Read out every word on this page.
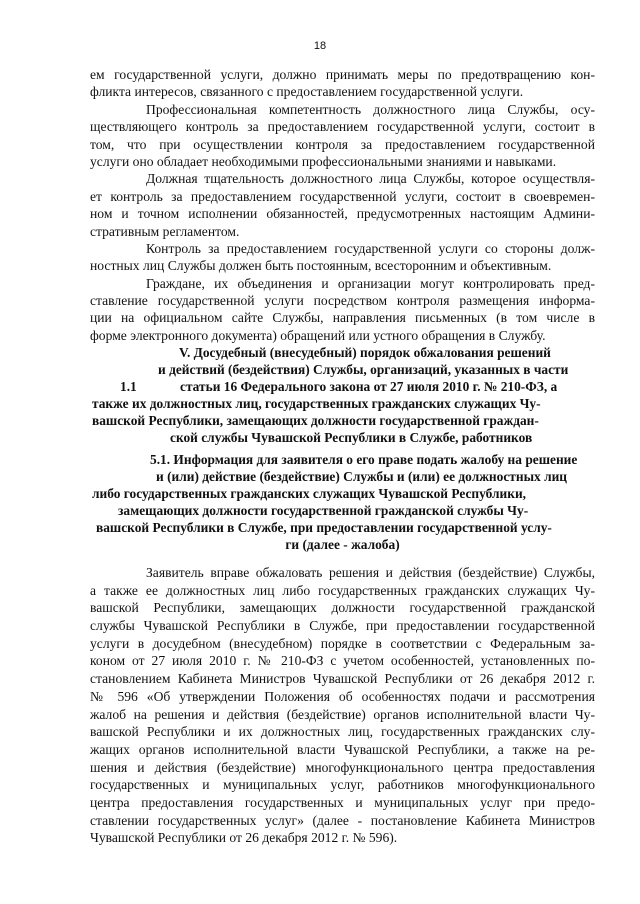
18
ем государственной услуги, должно принимать меры по предотвращению кон-
фликта интересов, связанного с предоставлением государственной услуги.
Профессиональная компетентность должностного лица Службы, осу-
ществляющего контроль за предоставлением государственной услуги, состоит в
том, что при осуществлении контроля за предоставлением государственной
услуги оно обладает необходимыми профессиональными знаниями и навыками.
Должная тщательность должностного лица Службы, которое осуществля-
ет контроль за предоставлением государственной услуги, состоит в своевремен-
ном и точном исполнении обязанностей, предусмотренных настоящим Админи-
стративным регламентом.
Контроль за предоставлением государственной услуги со стороны долж-
ностных лиц Службы должен быть постоянным, всесторонним и объективным.
Граждане, их объединения и организации могут контролировать пред-
ставление государственной услуги посредством контроля размещения информа-
ции на официальном сайте Службы, направления письменных (в том числе в
форме электронного документа) обращений или устного обращения в Службу.
V. Досудебный (внесудебный) порядок обжалования решений
и действий (бездействия) Службы, организаций, указанных в части
1.1	статьи 16 Федерального закона от 27 июля 2010 г. № 210-ФЗ, а
также их должностных лиц, государственных гражданских служащих Чу-
вашской Республики, замещающих должности государственной граждан-
ской службы Чувашской Республики в Службе, работников
5.1. Информация для заявителя о его праве подать жалобу на решение
и (или) действие (бездействие) Службы и (или) ее должностных лиц
либо государственных гражданских служащих Чувашской Республики,
замещающих должности государственной гражданской службы Чу-
вашской Республики в Службе, при предоставлении государственной услу-
ги (далее - жалоба)
Заявитель вправе обжаловать решения и действия (бездействие) Службы,
а также ее должностных лиц либо государственных гражданских служащих Чу-
вашской Республики, замещающих должности государственной гражданской
службы Чувашской Республики в Службе, при предоставлении государственной
услуги в досудебном (внесудебном) порядке в соответствии с Федеральным за-
коном от 27 июля 2010 г. № 210-ФЗ с учетом особенностей, установленных по-
становлением Кабинета Министров Чувашской Республики от 26 декабря 2012 г.
№ 596 «Об утверждении Положения об особенностях подачи и рассмотрения
жалоб на решения и действия (бездействие) органов исполнительной власти Чу-
вашской Республики и их должностных лиц, государственных гражданских слу-
жащих органов исполнительной власти Чувашской Республики, а также на ре-
шения и действия (бездействие) многофункционального центра предоставления
государственных и муниципальных услуг, работников многофункционального
центра предоставления государственных и муниципальных услуг при предо-
ставлении государственных услуг» (далее - постановление Кабинета Министров
Чувашской Республики от 26 декабря 2012 г. № 596).
